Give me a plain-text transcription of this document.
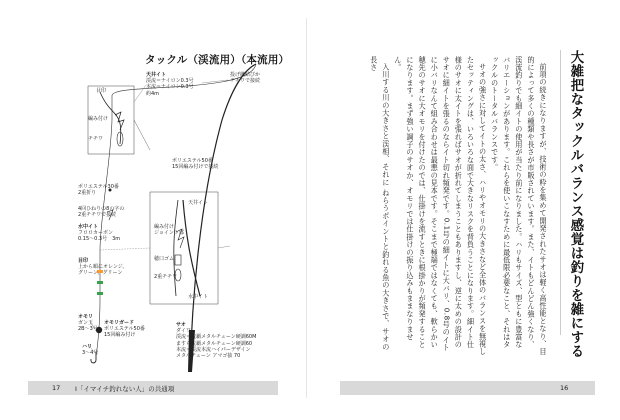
タックル（渓流用）（本流用）
天井イト
渓流＝ナイロン0.3号
本流＝ナイロン0.3号
約4m
投げ縄結びか
チチワで接続
目印
編み付け
チチワ
ポリエステル50番
15回編み付けで接続
ポリエステル30番
2重折り
4回ひねりの8の字の
2重チチワで接続
水中イト
フロロカーボン
0.15～0.3号　3m
目印
上から順にオレンジ、
グリーン、グリーン
オモリ
ガン玉
2B～3号
オモリガード
ポリエステル50番
15回編み付け
ハリ
3～4号
天井イト
編み付け
ジョイント部
穂口ゴム
2重チチワ
水中イト
サオ
ダイワ
渓流＝流覇メタルチューン硬調60M
ますら流覇メタルチューン硬調60
本流＝渓流本流ハイパーデザイン
メタルチューン アマゴ抜 70
17 Ⅰ「イマイチ釣れない人」の共通項
大雑把なタックルバランス感覚は釣りを雑にする

前項の続きになりますが、技術の粋を集めて開発されたサオは軽く高性能となり、目的によって多くの種類や長さが市販されています。また、イトもどんどん強くなり、渓流釣りでも細イトの使用が当たり前になりました。ハリもサイズ、型ともに豊富なバリエーションがあります。これらを使いこなすために最低限必要なこと、それはタックルのトータルバランスです。

サオの強さに対してイトの太さ、ハリやオモリの大きさなど全体のバランスを無視したセッティングは、いろいろな面で大きなリスクを背負うことになります。細イト仕様のサオに太イトを張ればサオが折れてしまうこともありますし、逆に太めの設計のサオに細イトを張るのならイト切れ頻発です。0.1号の細イトに大バリ、0.8号のイトに小バリなんて組み合わせは最悪の見本です。そこまで極端ではなくても、軟らかい穂先のサオに大オモリを付けたのでは、仕掛けを流すときに根掛かりが頻発することになります。まず強い調子のサオか、オモリでは仕掛けの振り込みもままなりません。

入川する川の大きさと渓相、それに ねらうポイントと釣れる魚の大きさで、サオの長さ

16
